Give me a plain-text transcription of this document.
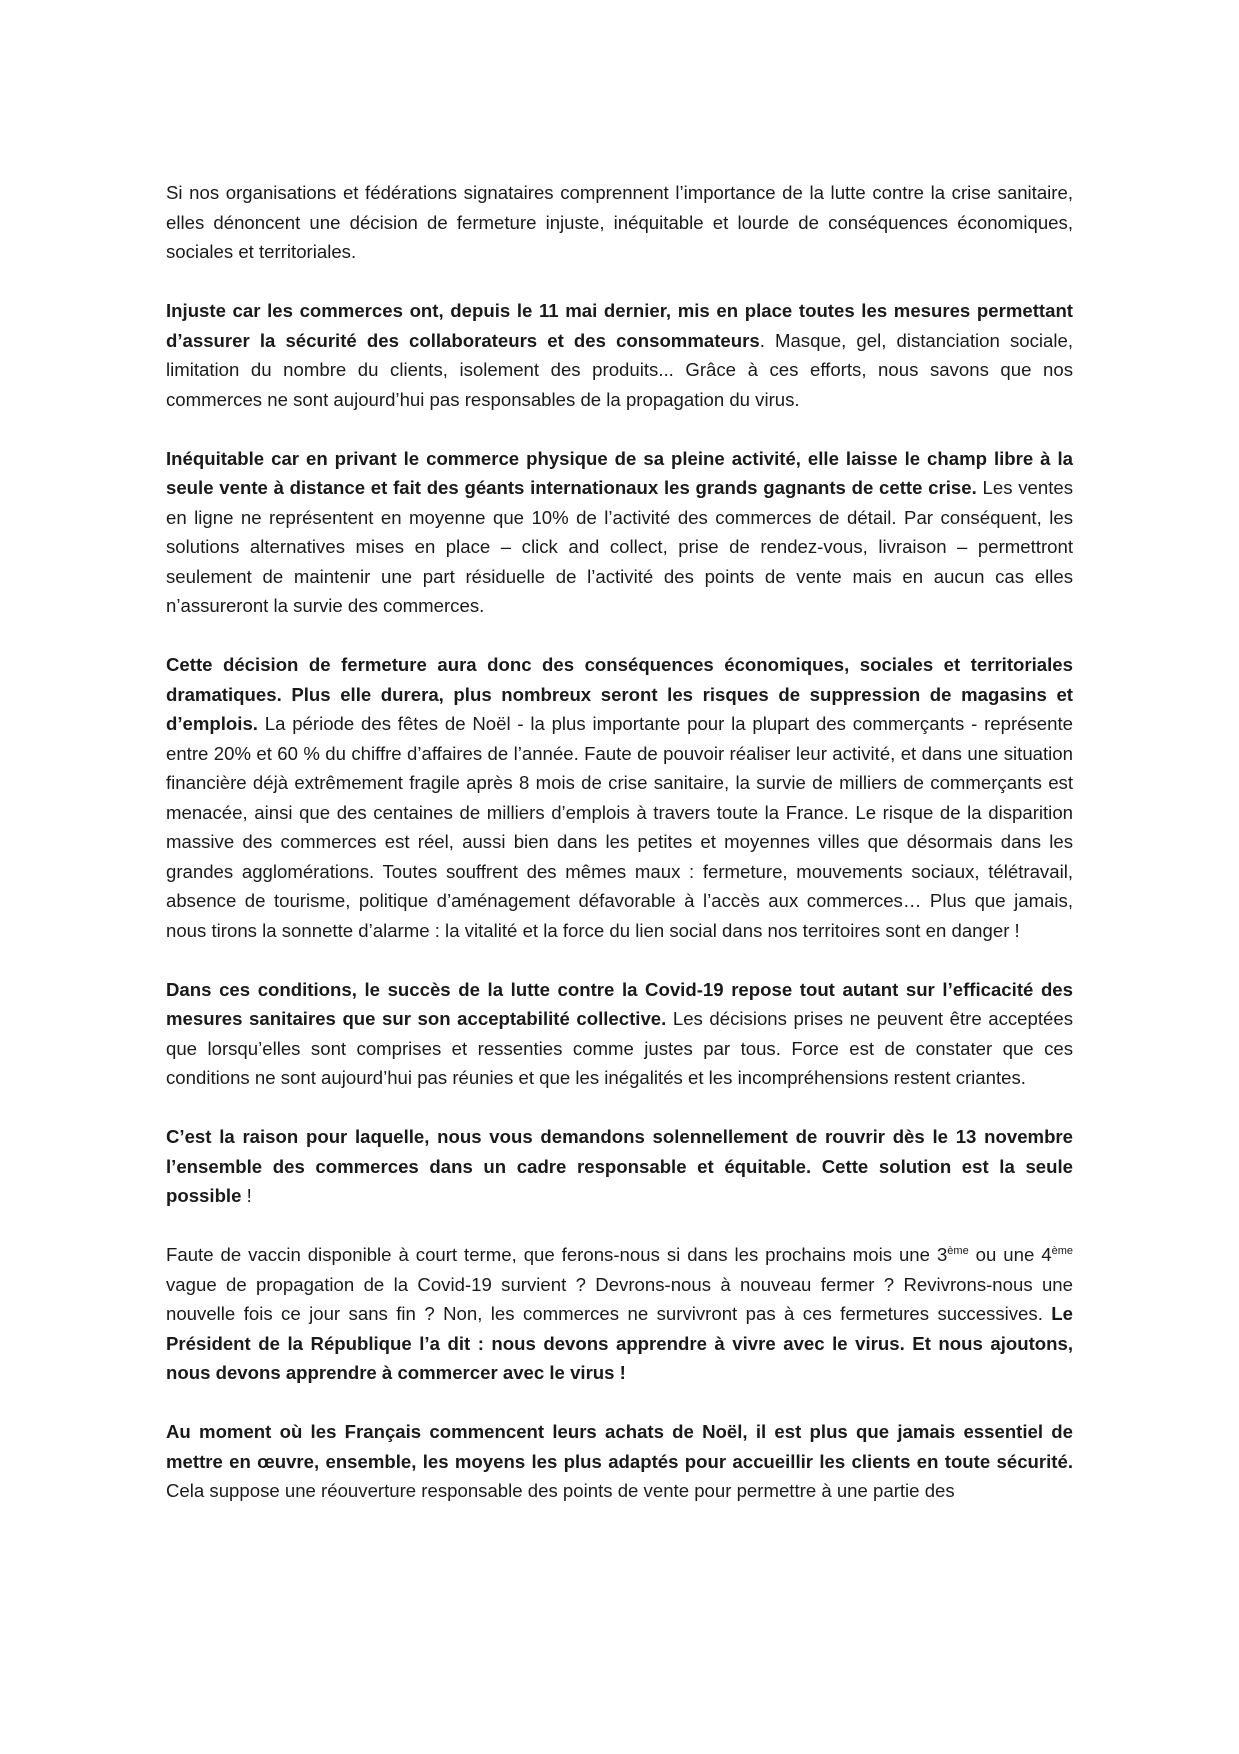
Si nos organisations et fédérations signataires comprennent l’importance de la lutte contre la crise sanitaire, elles dénoncent une décision de fermeture injuste, inéquitable et lourde de conséquences économiques, sociales et territoriales.

Injuste car les commerces ont, depuis le 11 mai dernier, mis en place toutes les mesures permettant d’assurer la sécurité des collaborateurs et des consommateurs. Masque, gel, distanciation sociale, limitation du nombre du clients, isolement des produits... Grâce à ces efforts, nous savons que nos commerces ne sont aujourd’hui pas responsables de la propagation du virus.

Inéquitable car en privant le commerce physique de sa pleine activité, elle laisse le champ libre à la seule vente à distance et fait des géants internationaux les grands gagnants de cette crise. Les ventes en ligne ne représentent en moyenne que 10% de l’activité des commerces de détail. Par conséquent, les solutions alternatives mises en place – click and collect, prise de rendez-vous, livraison – permettront seulement de maintenir une part résiduelle de l’activité des points de vente mais en aucun cas elles n’assureront la survie des commerces.

Cette décision de fermeture aura donc des conséquences économiques, sociales et territoriales dramatiques. Plus elle durera, plus nombreux seront les risques de suppression de magasins et d’emplois. La période des fêtes de Noël - la plus importante pour la plupart des commerçants - représente entre 20% et 60 % du chiffre d’affaires de l’année. Faute de pouvoir réaliser leur activité, et dans une situation financière déjà extrêmement fragile après 8 mois de crise sanitaire, la survie de milliers de commerçants est menacée, ainsi que des centaines de milliers d’emplois à travers toute la France. Le risque de la disparition massive des commerces est réel, aussi bien dans les petites et moyennes villes que désormais dans les grandes agglomérations. Toutes souffrent des mêmes maux : fermeture, mouvements sociaux, télétravail, absence de tourisme, politique d’aménagement défavorable à l’accès aux commerces… Plus que jamais, nous tirons la sonnette d’alarme : la vitalité et la force du lien social dans nos territoires sont en danger !

Dans ces conditions, le succès de la lutte contre la Covid-19 repose tout autant sur l’efficacité des mesures sanitaires que sur son acceptabilité collective. Les décisions prises ne peuvent être acceptées que lorsqu’elles sont comprises et ressenties comme justes par tous. Force est de constater que ces conditions ne sont aujourd’hui pas réunies et que les inégalités et les incompréhensions restent criantes.

C’est la raison pour laquelle, nous vous demandons solennellement de rouvrir dès le 13 novembre l’ensemble des commerces dans un cadre responsable et équitable. Cette solution est la seule possible !

Faute de vaccin disponible à court terme, que ferons-nous si dans les prochains mois une 3ème ou une 4ème vague de propagation de la Covid-19 survient ? Devrons-nous à nouveau fermer ? Revivrons-nous une nouvelle fois ce jour sans fin ? Non, les commerces ne survivront pas à ces fermetures successives. Le Président de la République l’a dit : nous devons apprendre à vivre avec le virus. Et nous ajoutons, nous devons apprendre à commercer avec le virus !

Au moment où les Français commencent leurs achats de Noël, il est plus que jamais essentiel de mettre en œuvre, ensemble, les moyens les plus adaptés pour accueillir les clients en toute sécurité. Cela suppose une réouverture responsable des points de vente pour permettre à une partie des
